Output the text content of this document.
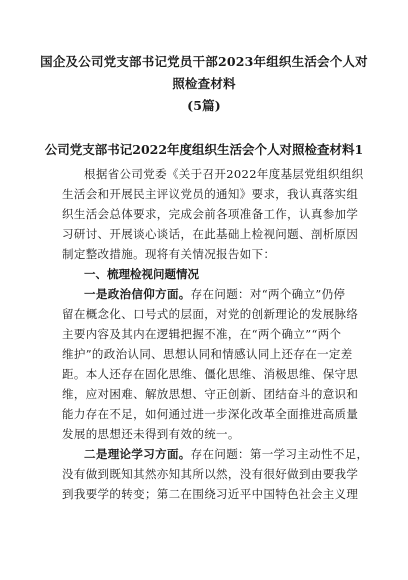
国企及公司党支部书记党员干部2023年组织生活会个人对
照检查材料
(5篇)
公司党支部书记2022年度组织生活会个人对照检查材料1
根据省公司党委《关于召开2022年度基层党组织组织
生活会和开展民主评议党员的通知》要求，我认真落实组
织生活会总体要求，完成会前各项准备工作，认真参加学
习研讨、开展谈心谈话，在此基础上检视问题、剖析原因
制定整改措施。现将有关情况报告如下：
一、梳理检视问题情况
一是政治信仰方面。存在问题：对“两个确立”仍停
留在概念化、口号式的层面，对党的创新理论的发展脉络
主要内容及其内在逻辑把握不准，在“两个确立”“两个
维护”的政治认同、思想认同和情感认同上还存在一定差
距。本人还存在固化思维、僵化思维、消极思维、保守思
维，应对困难、解放思想、守正创新、团结奋斗的意识和
能力存在不足，如何通过进一步深化改革全面推进高质量
发展的思想还未得到有效的统一。
二是理论学习方面。存在问题：第一学习主动性不足，
没有做到既知其然亦知其所以然，没有很好做到由要我学
到我要学的转变；第二在围绕习近平中国特色社会主义理
